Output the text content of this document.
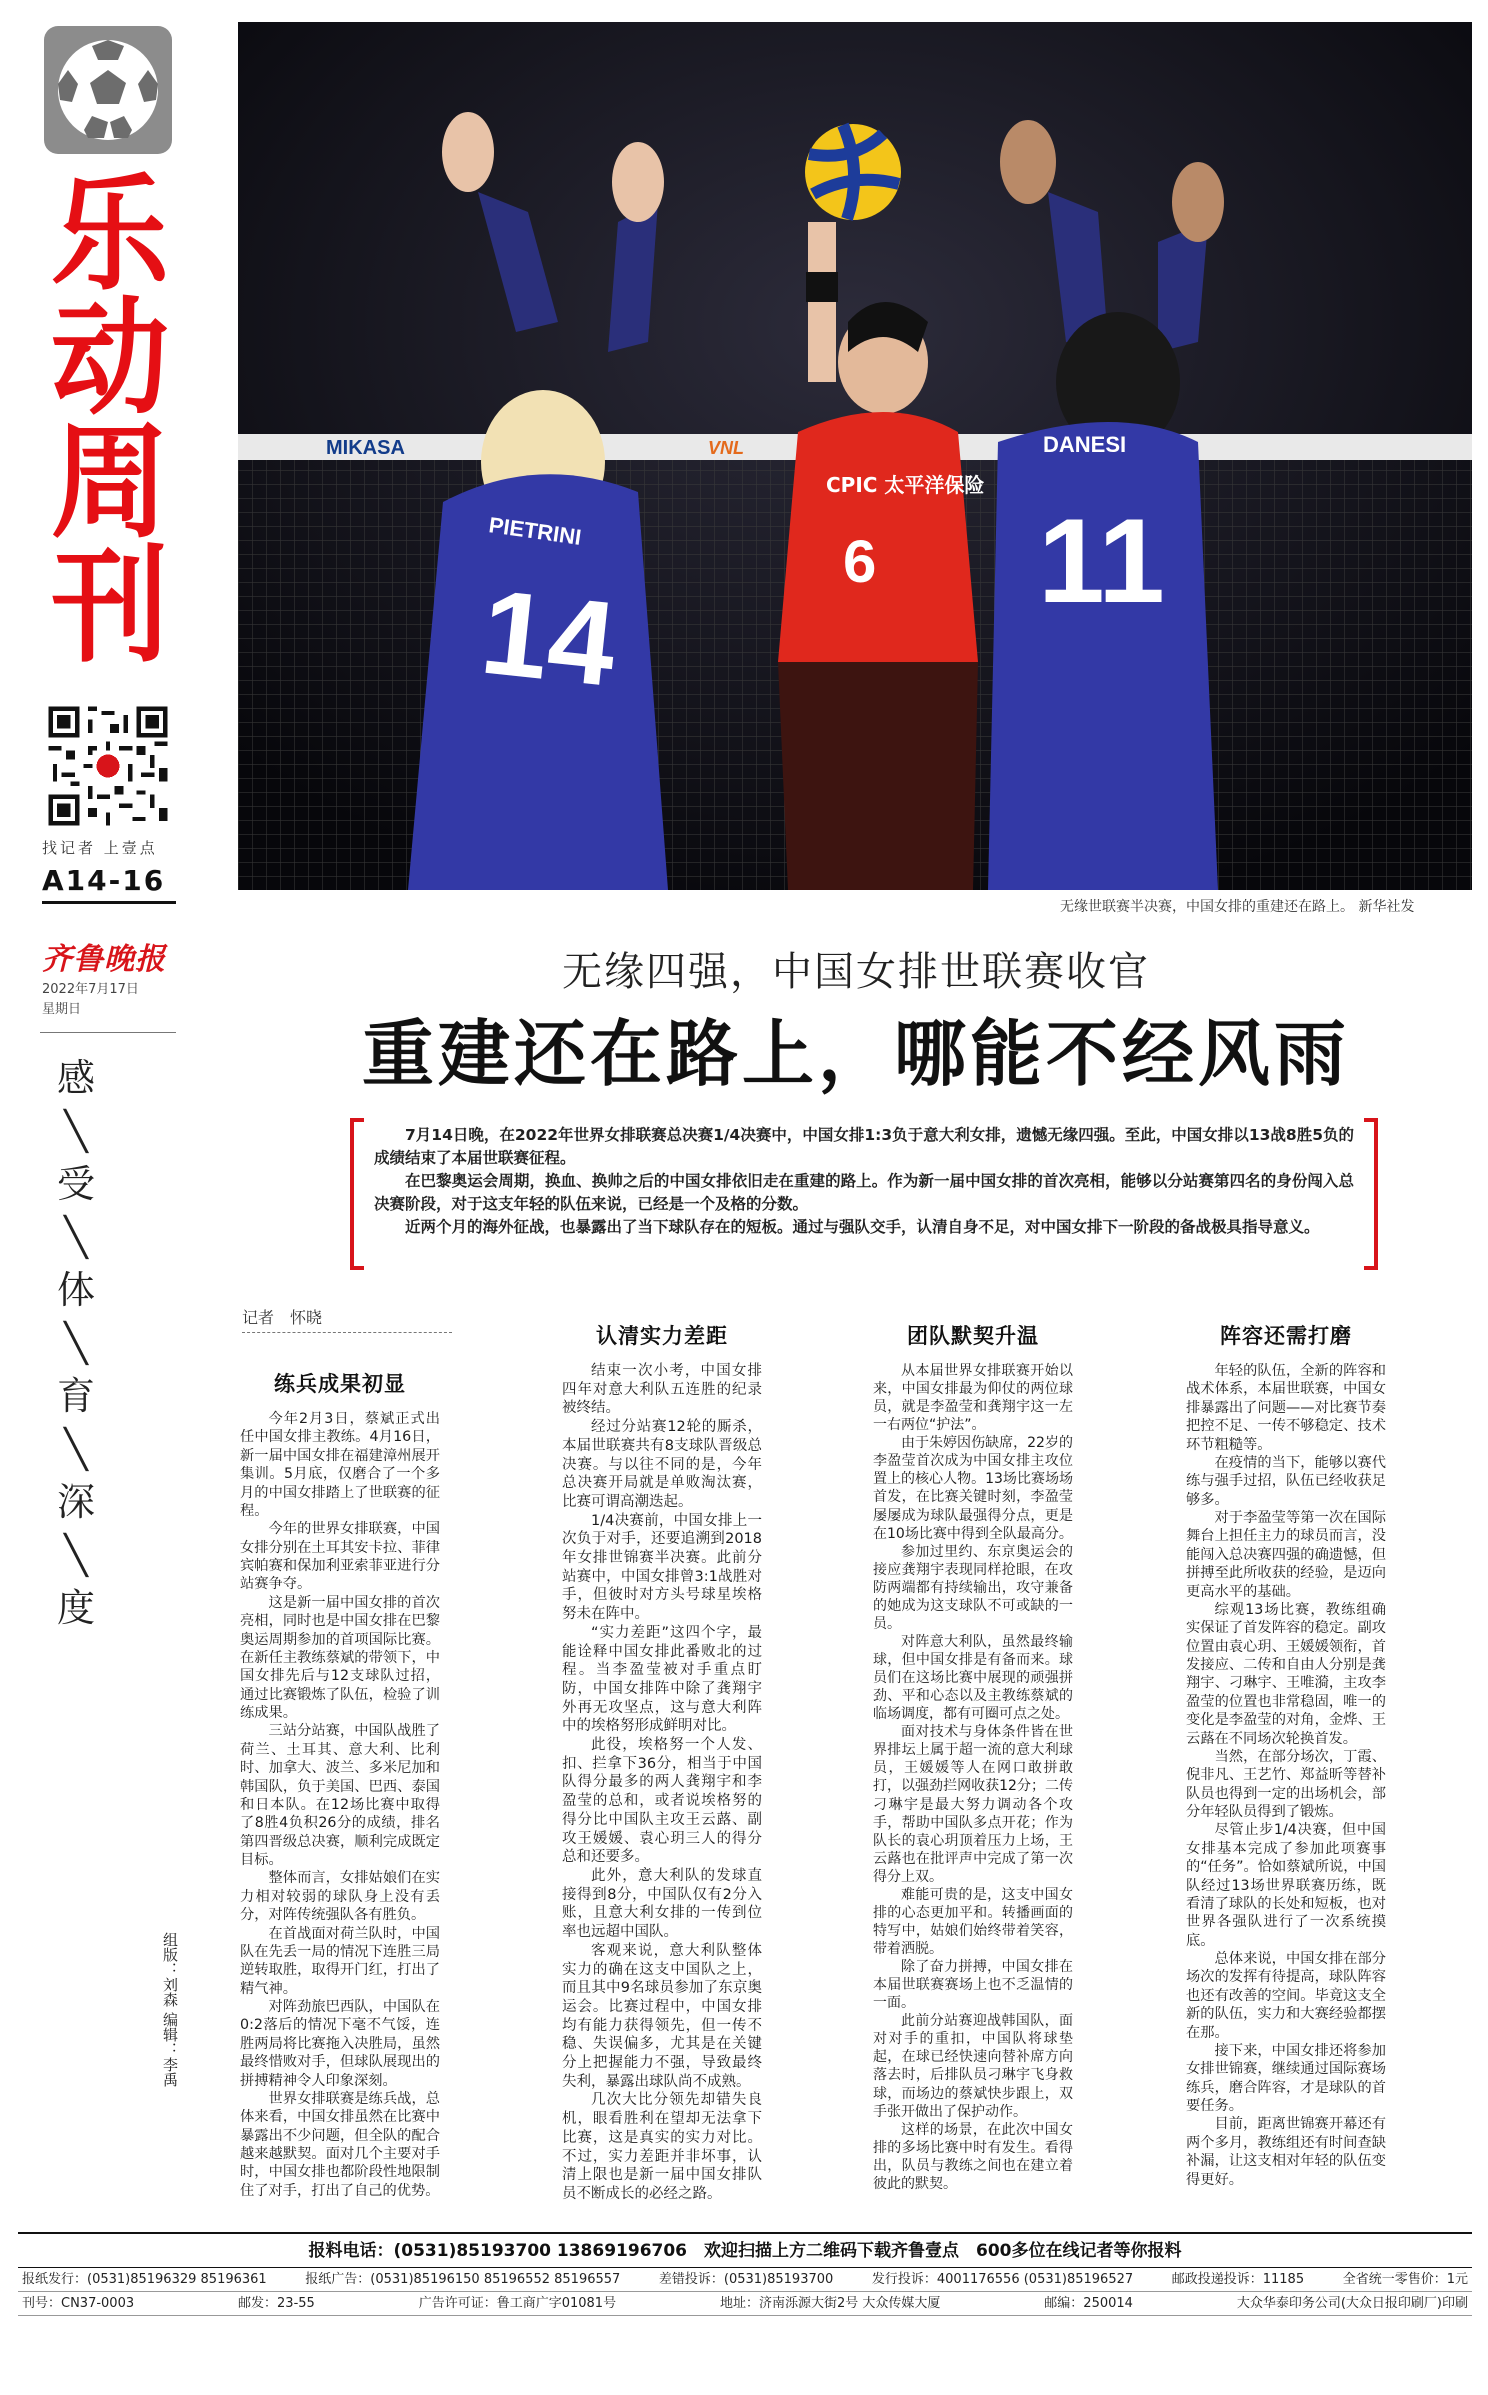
乐
动
周
刊
找记者 上壹点
A14-16
齐鲁晚报
2022年7月17日
星期日
感
╲
受
╲
体
╲
育
╲
深
╲
度
组版：刘森 编辑：李禹
MIKASA	VNL
PIETRINI
14
CPIC 太平洋保险
6
DANESI
11
无缘世联赛半决赛，中国女排的重建还在路上。 新华社发
无缘四强，中国女排世联赛收官
重建还在路上，哪能不经风雨

7月14日晚，在2022年世界女排联赛总决赛1/4决赛中，中国女排1:3负于意大利女排，遗憾无缘四强。至此，中国女排以13战8胜5负的成绩结束了本届世联赛征程。

在巴黎奥运会周期，换血、换帅之后的中国女排依旧走在重建的路上。作为新一届中国女排的首次亮相，能够以分站赛第四名的身份闯入总决赛阶段，对于这支年轻的队伍来说，已经是一个及格的分数。

近两个月的海外征战，也暴露出了当下球队存在的短板。通过与强队交手，认清自身不足，对中国女排下一阶段的备战极具指导意义。

记者　怀晓
练兵成果初显

今年2月3日，蔡斌正式出任中国女排主教练。4月16日，新一届中国女排在福建漳州展开集训。5月底，仅磨合了一个多月的中国女排踏上了世联赛的征程。

今年的世界女排联赛，中国女排分别在土耳其安卡拉、菲律宾帕赛和保加利亚索菲亚进行分站赛争夺。

这是新一届中国女排的首次亮相，同时也是中国女排在巴黎奥运周期参加的首项国际比赛。在新任主教练蔡斌的带领下，中国女排先后与12支球队过招，通过比赛锻炼了队伍，检验了训练成果。

三站分站赛，中国队战胜了荷兰、土耳其、意大利、比利时、加拿大、波兰、多米尼加和韩国队，负于美国、巴西、泰国和日本队。在12场比赛中取得了8胜4负积26分的成绩，排名第四晋级总决赛，顺利完成既定目标。

整体而言，女排姑娘们在实力相对较弱的球队身上没有丢分，对阵传统强队各有胜负。

在首战面对荷兰队时，中国队在先丢一局的情况下连胜三局逆转取胜，取得开门红，打出了精气神。

对阵劲旅巴西队，中国队在0:2落后的情况下毫不气馁，连胜两局将比赛拖入决胜局，虽然最终惜败对手，但球队展现出的拼搏精神令人印象深刻。

世界女排联赛是练兵战，总体来看，中国女排虽然在比赛中暴露出不少问题，但全队的配合越来越默契。面对几个主要对手时，中国女排也都阶段性地限制住了对手，打出了自己的优势。

认清实力差距

结束一次小考，中国女排四年对意大利队五连胜的纪录被终结。

经过分站赛12轮的厮杀，本届世联赛共有8支球队晋级总决赛。与以往不同的是，今年总决赛开局就是单败淘汰赛，比赛可谓高潮迭起。

1/4决赛前，中国女排上一次负于对手，还要追溯到2018年女排世锦赛半决赛。此前分站赛中，中国女排曾3:1战胜对手，但彼时对方头号球星埃格努未在阵中。

“实力差距”这四个字，最能诠释中国女排此番败北的过程。当李盈莹被对手重点盯防，中国女排阵中除了龚翔宇外再无攻坚点，这与意大利阵中的埃格努形成鲜明对比。

此役，埃格努一个人发、扣、拦拿下36分，相当于中国队得分最多的两人龚翔宇和李盈莹的总和，或者说埃格努的得分比中国队主攻王云蕗、副攻王媛媛、袁心玥三人的得分总和还要多。

此外，意大利队的发球直接得到8分，中国队仅有2分入账，且意大利女排的一传到位率也远超中国队。

客观来说，意大利队整体实力的确在这支中国队之上，而且其中9名球员参加了东京奥运会。比赛过程中，中国女排均有能力获得领先，但一传不稳、失误偏多，尤其是在关键分上把握能力不强，导致最终失利，暴露出球队尚不成熟。

几次大比分领先却错失良机，眼看胜利在望却无法拿下比赛，这是真实的实力对比。不过，实力差距并非坏事，认清上限也是新一届中国女排队员不断成长的必经之路。

团队默契升温

从本届世界女排联赛开始以来，中国女排最为仰仗的两位球员，就是李盈莹和龚翔宇这一左一右两位“护法”。

由于朱婷因伤缺席，22岁的李盈莹首次成为中国女排主攻位置上的核心人物。13场比赛场场首发，在比赛关键时刻，李盈莹屡屡成为球队最强得分点，更是在10场比赛中得到全队最高分。

参加过里约、东京奥运会的接应龚翔宇表现同样抢眼，在攻防两端都有持续输出，攻守兼备的她成为这支球队不可或缺的一员。

对阵意大利队，虽然最终输球，但中国女排是有备而来。球员们在这场比赛中展现的顽强拼劲、平和心态以及主教练蔡斌的临场调度，都有可圈可点之处。

面对技术与身体条件皆在世界排坛上属于超一流的意大利球员，王媛媛等人在网口敢拼敢打，以强劲拦网收获12分；二传刁琳宇是最大努力调动各个攻手，帮助中国队多点开花；作为队长的袁心玥顶着压力上场，王云蕗也在批评声中完成了第一次得分上双。

难能可贵的是，这支中国女排的心态更加平和。转播画面的特写中，姑娘们始终带着笑容，带着洒脱。

除了奋力拼搏，中国女排在本届世联赛赛场上也不乏温情的一面。

此前分站赛迎战韩国队，面对对手的重扣，中国队将球垫起，在球已经快速向替补席方向落去时，后排队员刁琳宇飞身救球，而场边的蔡斌快步跟上，双手张开做出了保护动作。

这样的场景，在此次中国女排的多场比赛中时有发生。看得出，队员与教练之间也在建立着彼此的默契。

阵容还需打磨

年轻的队伍，全新的阵容和战术体系，本届世联赛，中国女排暴露出了问题——对比赛节奏把控不足、一传不够稳定、技术环节粗糙等。

在疫情的当下，能够以赛代练与强手过招，队伍已经收获足够多。

对于李盈莹等第一次在国际舞台上担任主力的球员而言，没能闯入总决赛四强的确遗憾，但拼搏至此所收获的经验，是迈向更高水平的基础。

综观13场比赛，教练组确实保证了首发阵容的稳定。副攻位置由袁心玥、王媛媛领衔，首发接应、二传和自由人分别是龚翔宇、刁琳宇、王唯漪，主攻李盈莹的位置也非常稳固，唯一的变化是李盈莹的对角，金烨、王云蕗在不同场次轮换首发。

当然，在部分场次，丁霞、倪非凡、王艺竹、郑益昕等替补队员也得到一定的出场机会，部分年轻队员得到了锻炼。

尽管止步1/4决赛，但中国女排基本完成了参加此项赛事的“任务”。恰如蔡斌所说，中国队经过13场世界联赛历练，既看清了球队的长处和短板，也对世界各强队进行了一次系统摸底。

总体来说，中国女排在部分场次的发挥有待提高，球队阵容也还有改善的空间。毕竟这支全新的队伍，实力和大赛经验都摆在那。

接下来，中国女排还将参加女排世锦赛，继续通过国际赛场练兵，磨合阵容，才是球队的首要任务。

目前，距离世锦赛开幕还有两个多月，教练组还有时间查缺补漏，让这支相对年轻的队伍变得更好。

报料电话：(0531)85193700 13869196706　欢迎扫描上方二维码下载齐鲁壹点　600多位在线记者等你报料
报纸发行：(0531)85196329 85196361	报纸广告：(0531)85196150 85196552 85196557	差错投诉：(0531)85193700	发行投诉：4001176556 (0531)85196527	邮政投递投诉：11185	全省统一零售价：1元
刊号：CN37-0003	邮发：23-55	广告许可证：鲁工商广字01081号	地址：济南泺源大街2号 大众传媒大厦	邮编：250014	大众华泰印务公司(大众日报印刷厂)印刷
